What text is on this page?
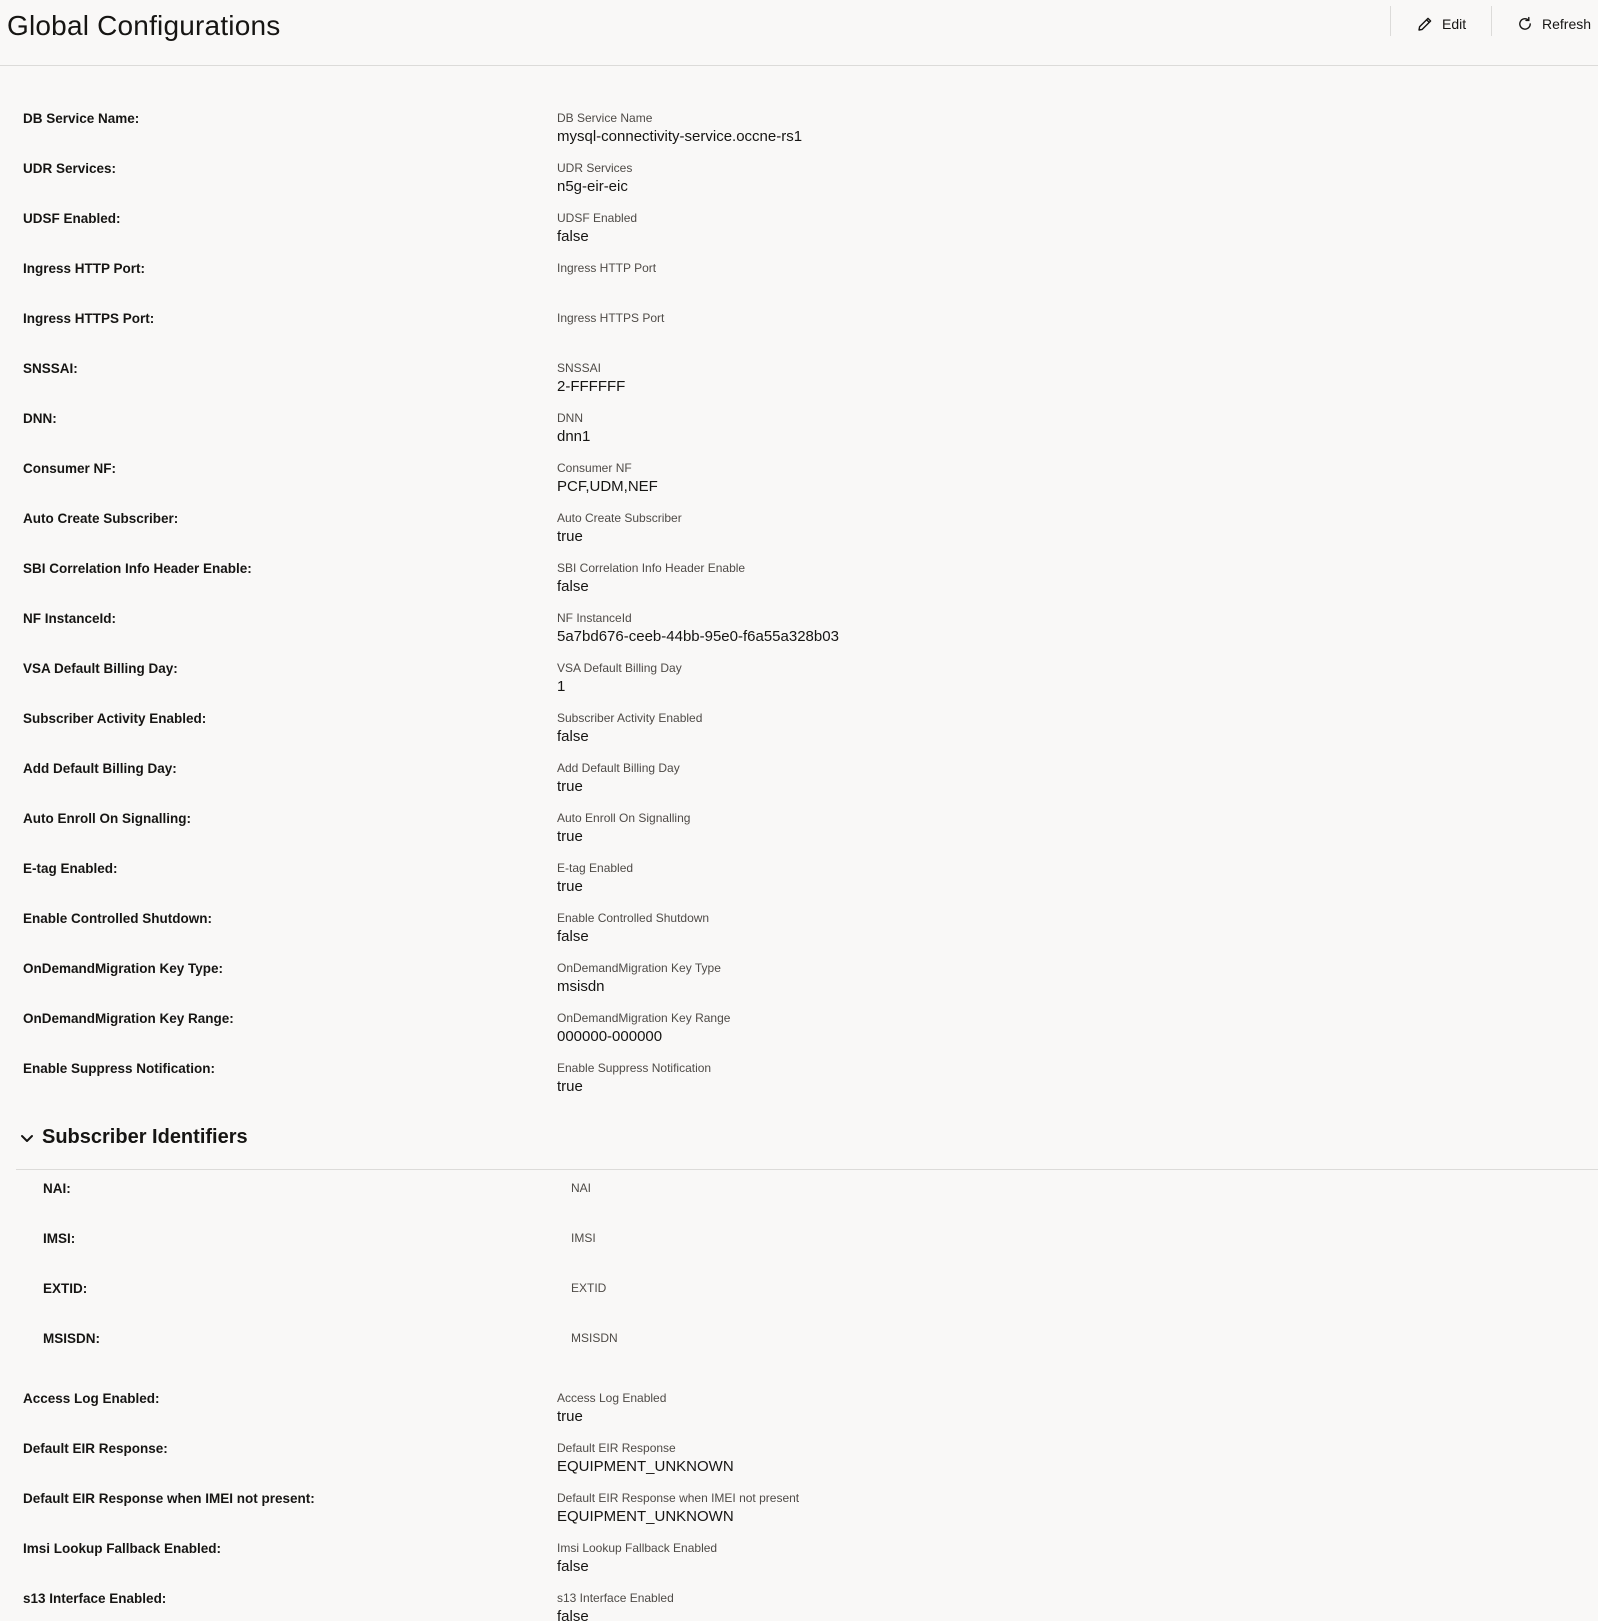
Global Configurations	Edit	Refresh
DB Service Name:	DB Service Name
mysql-connectivity-service.occne-rs1
UDR Services:	UDR Services
n5g-eir-eic
UDSF Enabled:	UDSF Enabled
false
Ingress HTTP Port:	Ingress HTTP Port
Ingress HTTPS Port:	Ingress HTTPS Port
SNSSAI:	SNSSAI
2-FFFFFF
DNN:	DNN
dnn1
Consumer NF:	Consumer NF
PCF,UDM,NEF
Auto Create Subscriber:	Auto Create Subscriber
true
SBI Correlation Info Header Enable:	SBI Correlation Info Header Enable
false
NF InstanceId:	NF InstanceId
5a7bd676-ceeb-44bb-95e0-f6a55a328b03
VSA Default Billing Day:	VSA Default Billing Day
1
Subscriber Activity Enabled:	Subscriber Activity Enabled
false
Add Default Billing Day:	Add Default Billing Day
true
Auto Enroll On Signalling:	Auto Enroll On Signalling
true
E-tag Enabled:	E-tag Enabled
true
Enable Controlled Shutdown:	Enable Controlled Shutdown
false
OnDemandMigration Key Type:	OnDemandMigration Key Type
msisdn
OnDemandMigration Key Range:	OnDemandMigration Key Range
000000-000000
Enable Suppress Notification:	Enable Suppress Notification
true
Subscriber Identifiers
NAI:	NAI
IMSI:	IMSI
EXTID:	EXTID
MSISDN:	MSISDN
Access Log Enabled:	Access Log Enabled
true
Default EIR Response:	Default EIR Response
EQUIPMENT_UNKNOWN
Default EIR Response when IMEI not present:	Default EIR Response when IMEI not present
EQUIPMENT_UNKNOWN
Imsi Lookup Fallback Enabled:	Imsi Lookup Fallback Enabled
false
s13 Interface Enabled:	s13 Interface Enabled
false
